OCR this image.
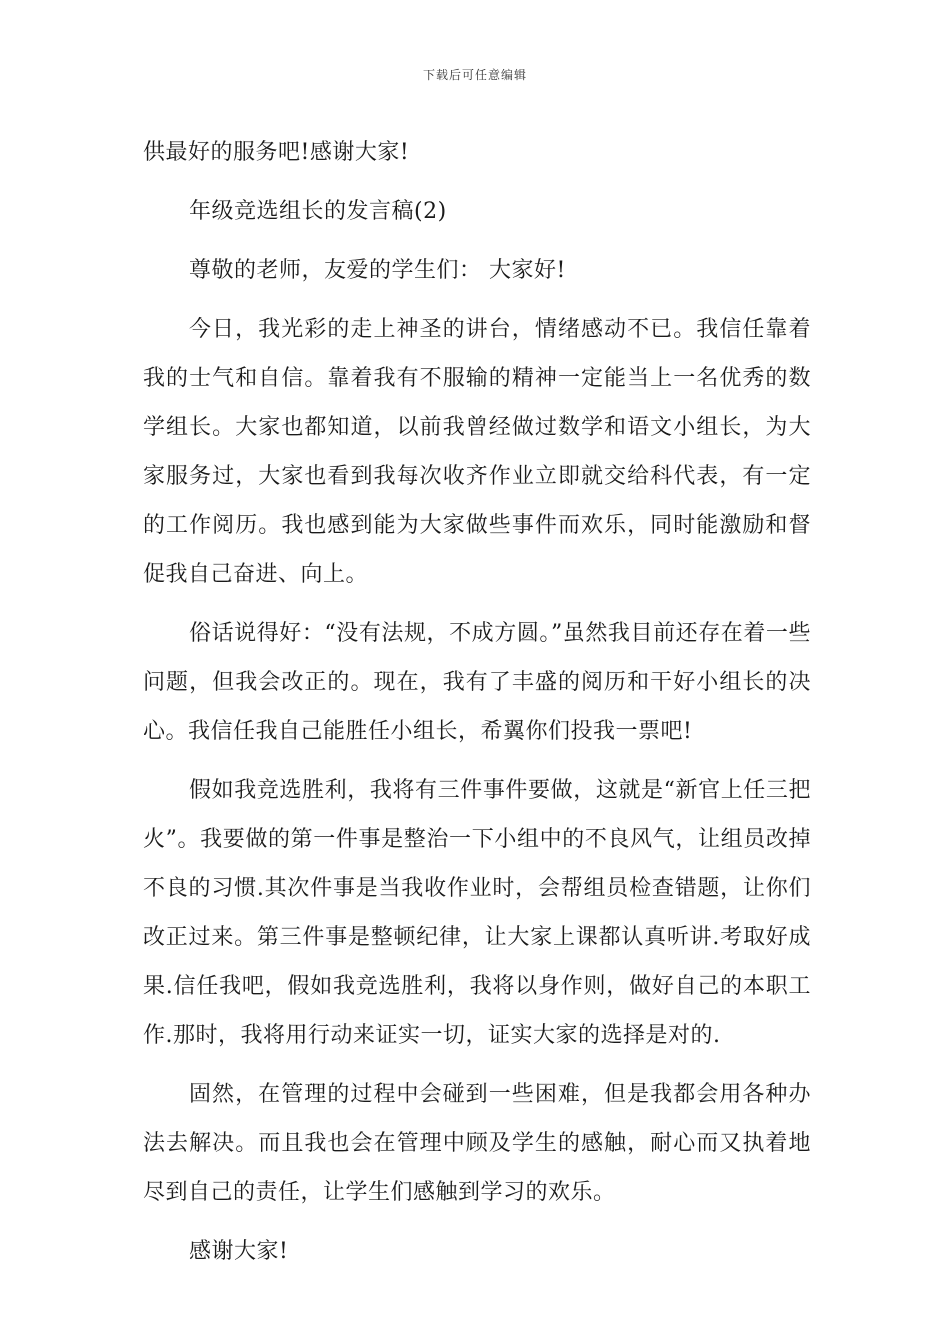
下载后可任意编辑

供最好的服务吧!感谢大家!

年级竞选组长的发言稿(2)

尊敬的老师，友爱的学生们： 大家好!

今日，我光彩的走上神圣的讲台，情绪感动不已。我信任靠着我的士气和自信。靠着我有不服输的精神一定能当上一名优秀的数学组长。大家也都知道，以前我曾经做过数学和语文小组长，为大家服务过，大家也看到我每次收齐作业立即就交给科代表，有一定的工作阅历。我也感到能为大家做些事件而欢乐，同时能激励和督促我自己奋进、向上。

俗话说得好：“没有法规，不成方圆。”虽然我目前还存在着一些问题，但我会改正的。现在，我有了丰盛的阅历和干好小组长的决心。我信任我自己能胜任小组长，希翼你们投我一票吧!

假如我竞选胜利，我将有三件事件要做，这就是“新官上任三把火”。我要做的第一件事是整治一下小组中的不良风气，让组员改掉不良的习惯.其次件事是当我收作业时，会帮组员检查错题，让你们改正过来。第三件事是整顿纪律，让大家上课都认真听讲.考取好成果.信任我吧，假如我竞选胜利，我将以身作则，做好自己的本职工作.那时，我将用行动来证实一切，证实大家的选择是对的.

固然，在管理的过程中会碰到一些困难，但是我都会用各种办法去解决。而且我也会在管理中顾及学生的感触，耐心而又执着地尽到自己的责任，让学生们感触到学习的欢乐。

感谢大家!
